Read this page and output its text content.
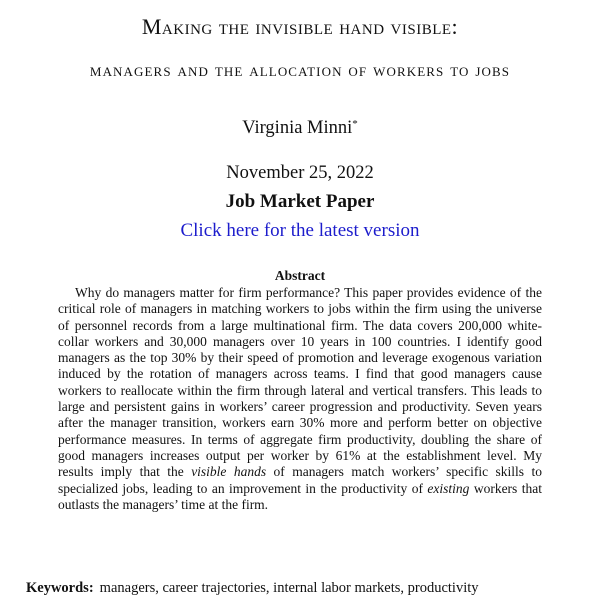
Making the invisible hand visible:
managers and the allocation of workers to jobs
Virginia Minni*
November 25, 2022
Job Market Paper
Click here for the latest version
Abstract
Why do managers matter for firm performance? This paper provides evidence of the critical role of managers in matching workers to jobs within the firm using the universe of personnel records from a large multinational firm. The data covers 200,000 white-collar workers and 30,000 managers over 10 years in 100 countries. I identify good managers as the top 30% by their speed of promotion and leverage exogenous variation induced by the rotation of managers across teams. I find that good managers cause workers to reallocate within the firm through lateral and vertical transfers. This leads to large and persistent gains in workers’ career progression and productivity. Seven years after the manager transition, workers earn 30% more and perform better on objective performance measures. In terms of aggregate firm productivity, doubling the share of good managers increases output per worker by 61% at the establishment level. My results imply that the visible hands of managers match workers’ specific skills to specialized jobs, leading to an improvement in the productivity of existing workers that outlasts the managers’ time at the firm.
Keywords: managers, career trajectories, internal labor markets, productivity
